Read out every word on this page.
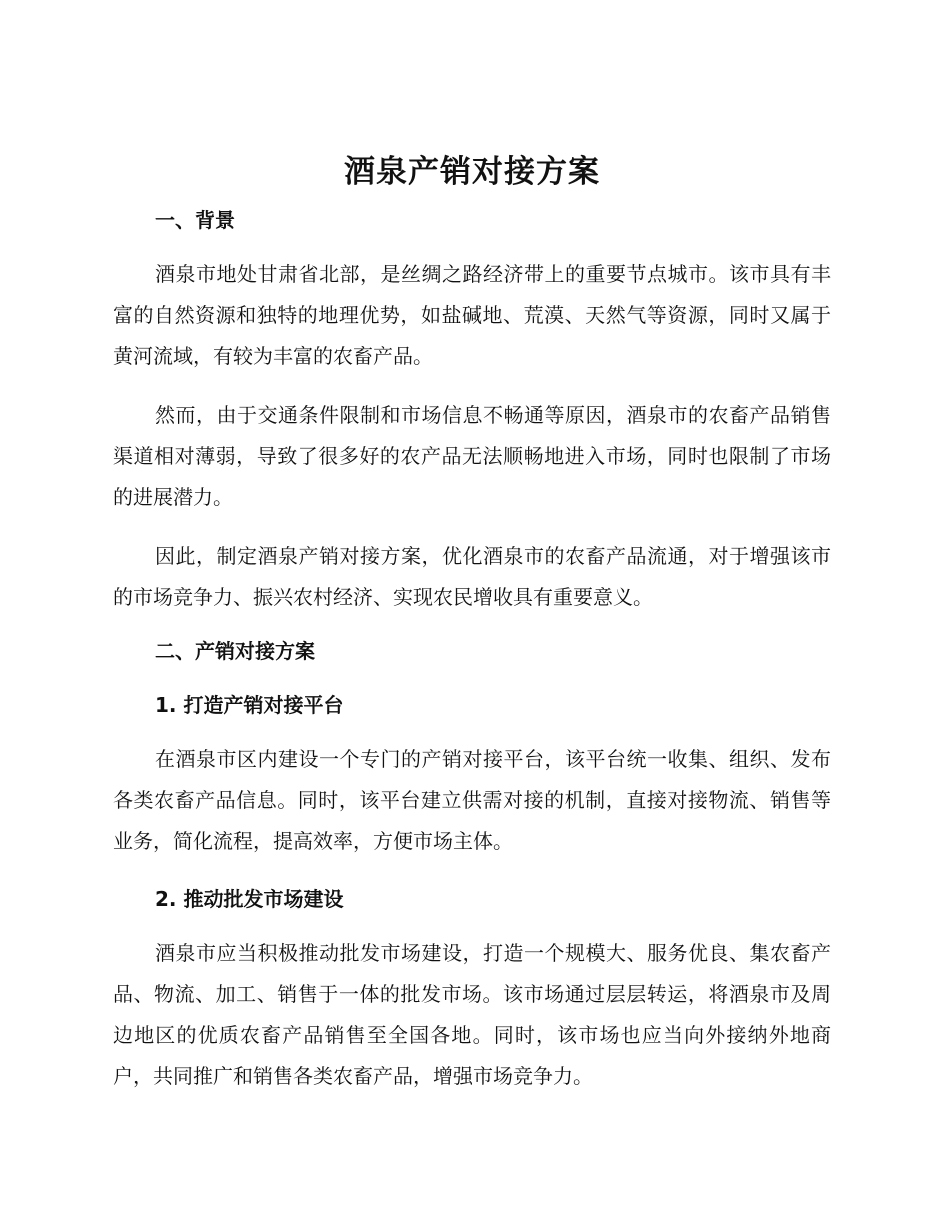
酒泉产销对接方案
一、背景

酒泉市地处甘肃省北部，是丝绸之路经济带上的重要节点城市。该市具有丰富的自然资源和独特的地理优势，如盐碱地、荒漠、天然气等资源，同时又属于黄河流域，有较为丰富的农畜产品。

然而，由于交通条件限制和市场信息不畅通等原因，酒泉市的农畜产品销售渠道相对薄弱，导致了很多好的农产品无法顺畅地进入市场，同时也限制了市场的进展潜力。

因此，制定酒泉产销对接方案，优化酒泉市的农畜产品流通，对于增强该市的市场竞争力、振兴农村经济、实现农民增收具有重要意义。

二、产销对接方案
1. 打造产销对接平台

在酒泉市区内建设一个专门的产销对接平台，该平台统一收集、组织、发布各类农畜产品信息。同时，该平台建立供需对接的机制，直接对接物流、销售等业务，简化流程，提高效率，方便市场主体。

2. 推动批发市场建设

酒泉市应当积极推动批发市场建设，打造一个规模大、服务优良、集农畜产品、物流、加工、销售于一体的批发市场。该市场通过层层转运，将酒泉市及周边地区的优质农畜产品销售至全国各地。同时，该市场也应当向外接纳外地商户，共同推广和销售各类农畜产品，增强市场竞争力。
